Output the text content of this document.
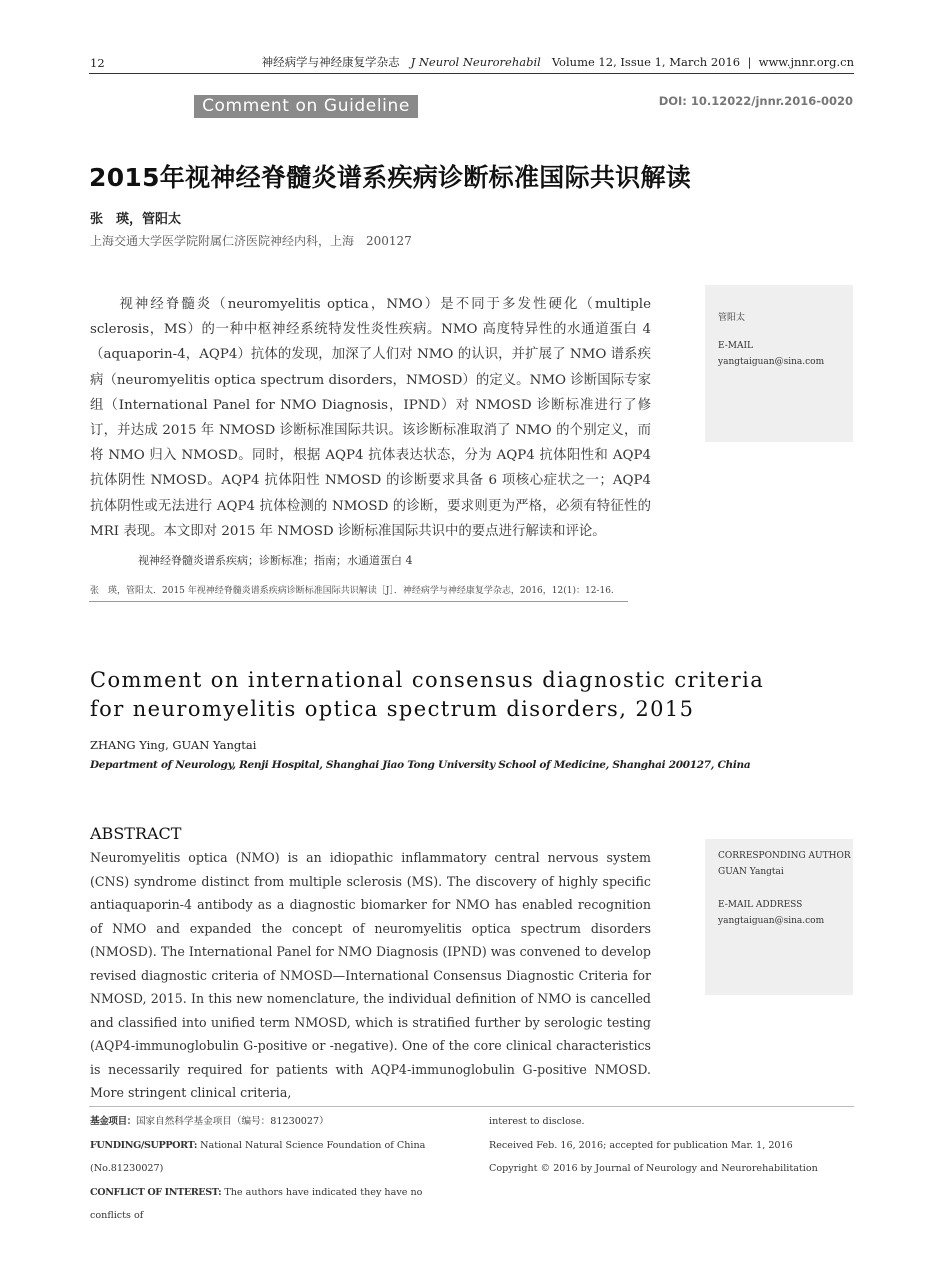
12	神经病学与神经康复学杂志 J Neurol Neurorehabil Volume 12, Issue 1, March 2016 | www.jnnr.org.cn
Comment on Guideline	DOI: 10.12022/jnnr.2016-0020
2015年视神经脊髓炎谱系疾病诊断标准国际共识解读
张　瑛，管阳太
上海交通大学医学院附属仁济医院神经内科，上海　200127

视神经脊髓炎（neuromyelitis optica，NMO）是不同于多发性硬化（multiple sclerosis，MS）的一种中枢神经系统特发性炎性疾病。NMO 高度特异性的水通道蛋白 4（aquaporin-4，AQP4）抗体的发现，加深了人们对 NMO 的认识，并扩展了 NMO 谱系疾病（neuromyelitis optica spectrum disorders，NMOSD）的定义。NMO 诊断国际专家组（International Panel for NMO Diagnosis，IPND）对 NMOSD 诊断标准进行了修订，并达成 2015 年 NMOSD 诊断标准国际共识。该诊断标准取消了 NMO 的个别定义，而将 NMO 归入 NMOSD。同时，根据 AQP4 抗体表达状态，分为 AQP4 抗体阳性和 AQP4 抗体阴性 NMOSD。AQP4 抗体阳性 NMOSD 的诊断要求具备 6 项核心症状之一；AQP4 抗体阴性或无法进行 AQP4 抗体检测的 NMOSD 的诊断，要求则更为严格，必须有特征性的 MRI 表现。本文即对 2015 年 NMOSD 诊断标准国际共识中的要点进行解读和评论。

视神经脊髓炎谱系疾病；诊断标准；指南；水通道蛋白 4
张　瑛，管阳太．2015 年视神经脊髓炎谱系疾病诊断标准国际共识解读［J］．神经病学与神经康复学杂志，2016，12(1)：12-16.
管阳太
E-MAIL
yangtaiguan@sina.com
Comment on international consensus diagnostic criteria
for neuromyelitis optica spectrum disorders, 2015
ZHANG Ying, GUAN Yangtai
Department of Neurology, Renji Hospital, Shanghai Jiao Tong University School of Medicine, Shanghai 200127, China
ABSTRACT

Neuromyelitis optica (NMO) is an idiopathic inflammatory central nervous system (CNS) syndrome distinct from multiple sclerosis (MS). The discovery of highly specific antiaquaporin-4 antibody as a diagnostic biomarker for NMO has enabled recognition of NMO and expanded the concept of neuromyelitis optica spectrum disorders (NMOSD). The International Panel for NMO Diagnosis (IPND) was convened to develop revised diagnostic criteria of NMOSD—International Consensus Diagnostic Criteria for NMOSD, 2015. In this new nomenclature, the individual definition of NMO is cancelled and classified into unified term NMOSD, which is stratified further by serologic testing (AQP4-immunoglobulin G-positive or -negative). One of the core clinical characteristics is necessarily required for patients with AQP4-immunoglobulin G-positive NMOSD. More stringent clinical criteria,

CORRESPONDING AUTHOR
GUAN Yangtai
E-MAIL ADDRESS
yangtaiguan@sina.com
基金项目：国家自然科学基金项目（编号：81230027）
FUNDING/SUPPORT: National Natural Science Foundation of China (No.81230027)
CONFLICT OF INTEREST: The authors have indicated they have no conflicts of
interest to disclose.
Received Feb. 16, 2016; accepted for publication Mar. 1, 2016
Copyright © 2016 by Journal of Neurology and Neurorehabilitation
